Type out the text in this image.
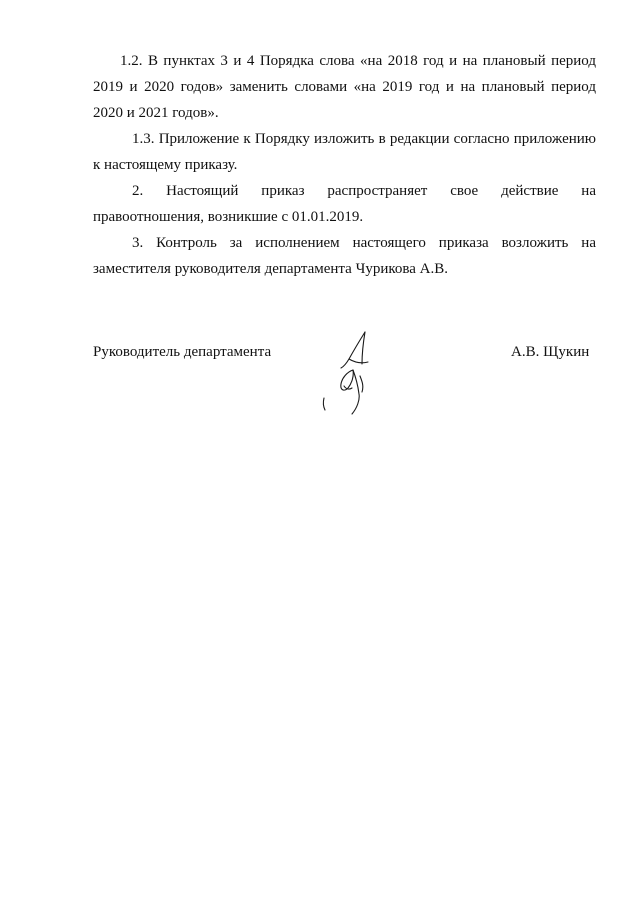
1.2. В пунктах 3 и 4 Порядка слова «на 2018 год и на плановый период
2019 и 2020 годов» заменить словами «на 2019 год и на плановый период
2020 и 2021 годов».
1.3. Приложение к Порядку изложить в редакции согласно приложению
к настоящему приказу.
2. Настоящий приказ распространяет свое действие на
правоотношения, возникшие с 01.01.2019.
3. Контроль за исполнением настоящего приказа возложить на
заместителя руководителя департамента Чурикова А.В.
Руководитель департамента	А.В. Щукин
